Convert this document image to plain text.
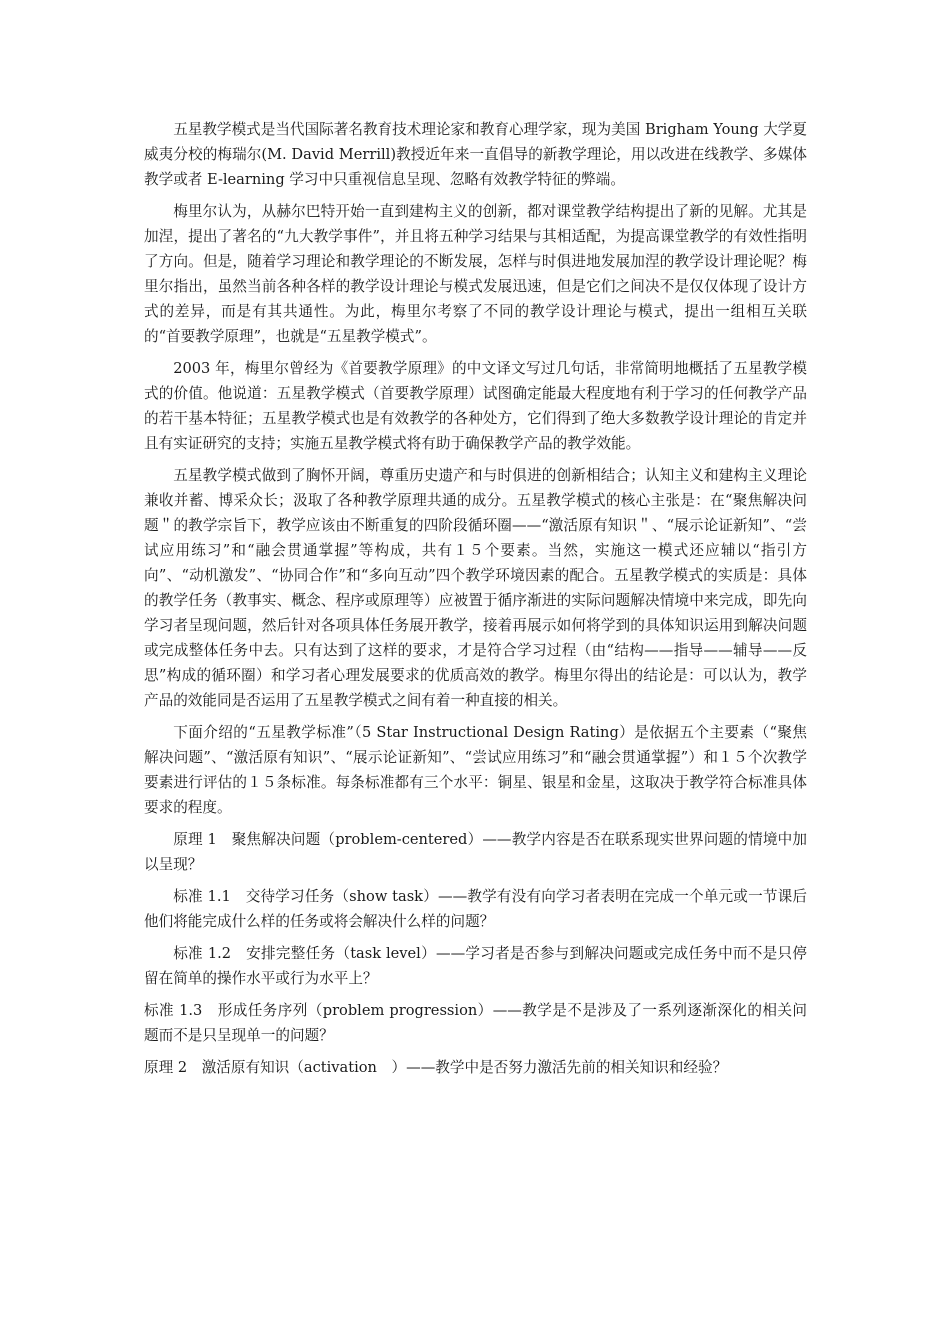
五星教学模式是当代国际著名教育技术理论家和教育心理学家，现为美国 Brigham Young 大学夏威夷分校的梅瑞尔(M. David Merrill)教授近年来一直倡导的新教学理论，用以改进在线教学、多媒体教学或者 E-learning 学习中只重视信息呈现、忽略有效教学特征的弊端。

梅里尔认为，从赫尔巴特开始一直到建构主义的创新，都对课堂教学结构提出了新的见解。尤其是加涅，提出了著名的“九大教学事件”，并且将五种学习结果与其相适配，为提高课堂教学的有效性指明了方向。但是，随着学习理论和教学理论的不断发展，怎样与时俱进地发展加涅的教学设计理论呢？梅里尔指出，虽然当前各种各样的教学设计理论与模式发展迅速，但是它们之间决不是仅仅体现了设计方式的差异，而是有其共通性。为此，梅里尔考察了不同的教学设计理论与模式，提出一组相互关联的“首要教学原理”，也就是“五星教学模式”。

2003 年，梅里尔曾经为《首要教学原理》的中文译文写过几句话，非常简明地概括了五星教学模式的价值。他说道：五星教学模式（首要教学原理）试图确定能最大程度地有利于学习的任何教学产品的若干基本特征；五星教学模式也是有效教学的各种处方，它们得到了绝大多数教学设计理论的肯定并且有实证研究的支持；实施五星教学模式将有助于确保教学产品的教学效能。

五星教学模式做到了胸怀开阔，尊重历史遗产和与时俱进的创新相结合；认知主义和建构主义理论兼收并蓄、博采众长；汲取了各种教学原理共通的成分。五星教学模式的核心主张是：在“聚焦解决问题＂的教学宗旨下，教学应该由不断重复的四阶段循环圈——“激活原有知识＂、“展示论证新知”、“尝试应用练习”和“融会贯通掌握”等构成，共有１５个要素。当然，实施这一模式还应辅以“指引方向”、“动机激发”、“协同合作”和“多向互动”四个教学环境因素的配合。五星教学模式的实质是：具体的教学任务（教事实、概念、程序或原理等）应被置于循序渐进的实际问题解决情境中来完成，即先向学习者呈现问题，然后针对各项具体任务展开教学，接着再展示如何将学到的具体知识运用到解决问题或完成整体任务中去。只有达到了这样的要求，才是符合学习过程（由“结构——指导——辅导——反思”构成的循环圈）和学习者心理发展要求的优质高效的教学。梅里尔得出的结论是：可以认为，教学产品的效能同是否运用了五星教学模式之间有着一种直接的相关。

下面介绍的“五星教学标准”（5 Star Instructional Design Rating）是依据五个主要素（“聚焦解决问题”、“激活原有知识”、“展示论证新知”、“尝试应用练习”和“融会贯通掌握”）和１５个次教学要素进行评估的１５条标准。每条标准都有三个水平：铜星、银星和金星，这取决于教学符合标准具体要求的程度。

原理 1　聚焦解决问题（problem-centered）——教学内容是否在联系现实世界问题的情境中加以呈现？

标准 1.1　交待学习任务（show task）——教学有没有向学习者表明在完成一个单元或一节课后他们将能完成什么样的任务或将会解决什么样的问题？

标准 1.2　安排完整任务（task level）——学习者是否参与到解决问题或完成任务中而不是只停留在简单的操作水平或行为水平上？

标准 1.3　形成任务序列（problem progression）——教学是不是涉及了一系列逐渐深化的相关问题而不是只呈现单一的问题？

原理 2　激活原有知识（activation　）——教学中是否努力激活先前的相关知识和经验？
